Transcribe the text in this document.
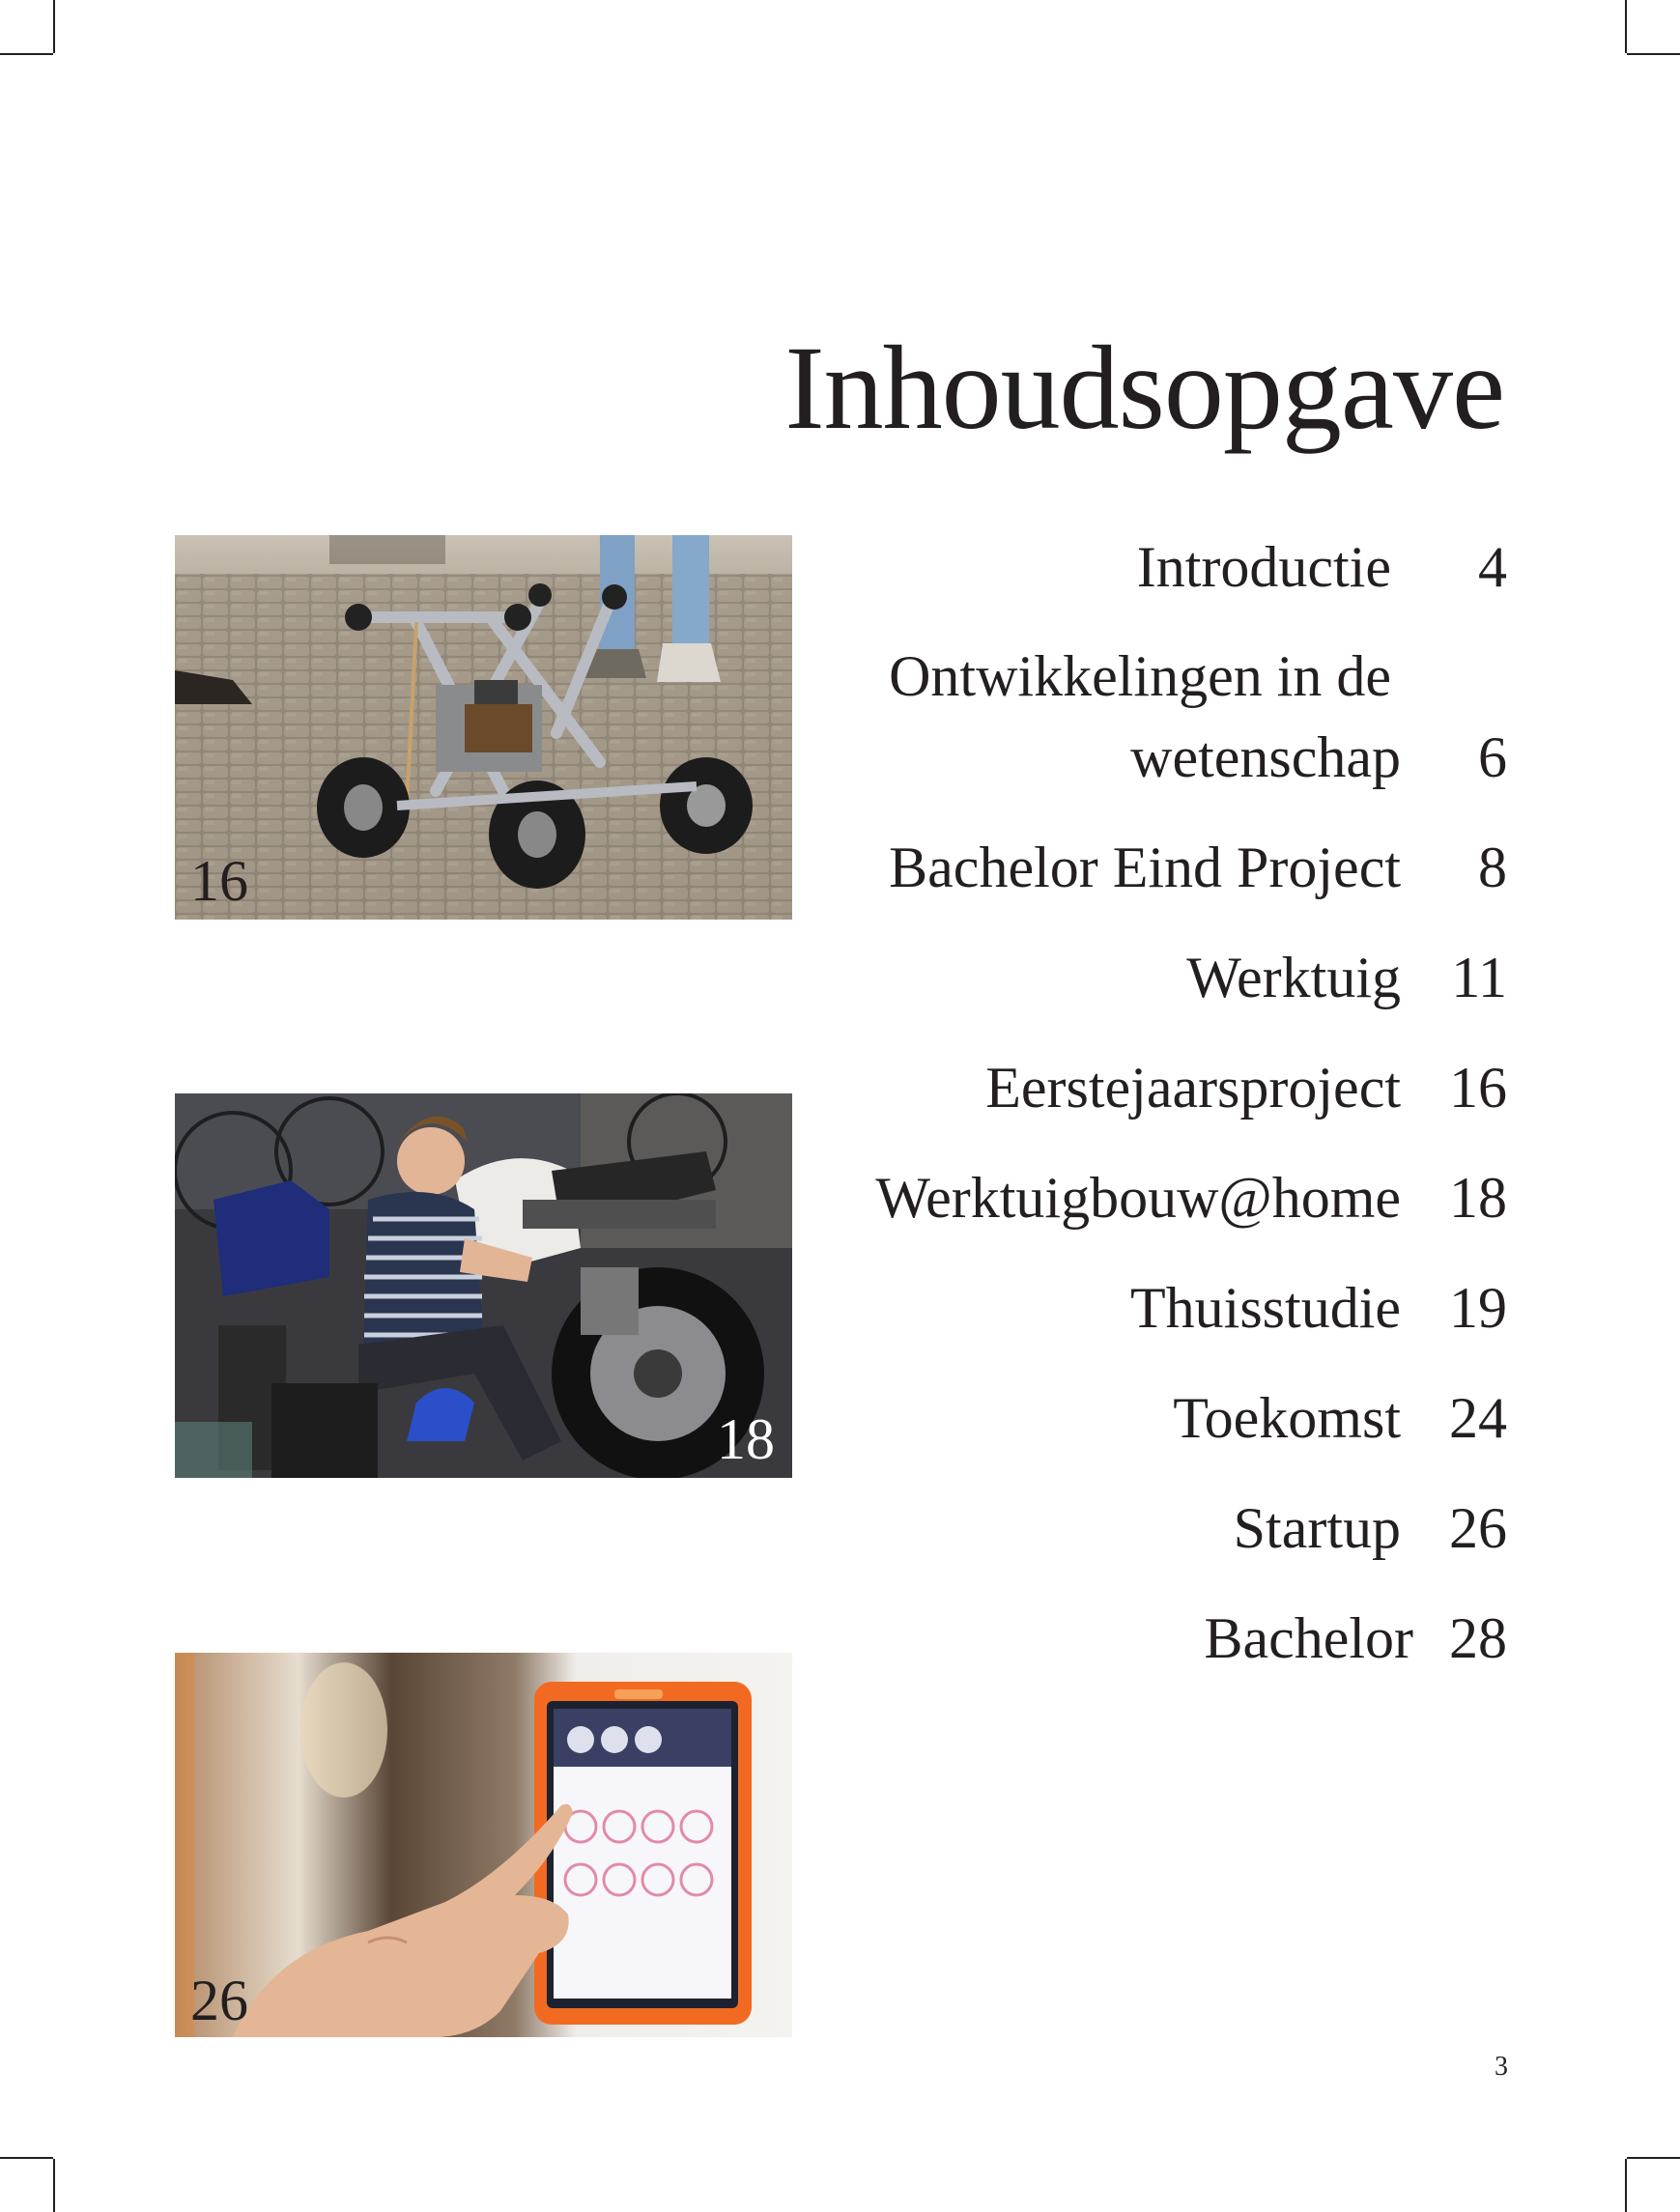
Inhoudsopgave
Introductie 4
Ontwikkelingen in de
wetenschap 6
Bachelor Eind Project 8
Werktuig 11
Eerstejaarsproject 16
Werktuigbouw@home 18
Thuisstudie 19
Toekomst 24
Startup 26
Bachelor 28
16
18
26
3
